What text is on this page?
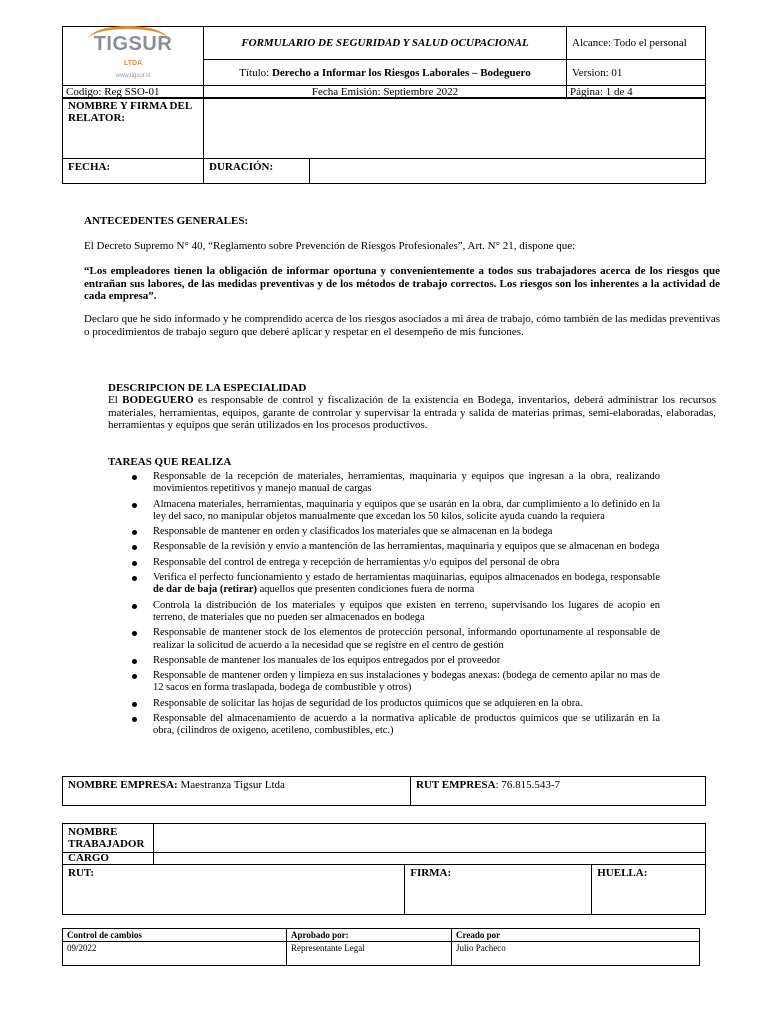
TIGSUR
LTDA
www.tigsur.cl	FORMULARIO DE SEGURIDAD Y SALUD OCUPACIONAL	Alcance: Todo el personal
	Título: Derecho a Informar los Riesgos Laborales – Bodeguero	Version: 01
Codigo: Reg SSO-01	Fecha Emisión: Septiembre 2022	Página: 1 de 4
NOMBRE Y FIRMA DEL RELATOR:		
FECHA:	DURACIÓN:	
ANTECEDENTES GENERALES:
El Decreto Supremo N° 40, “Reglamento sobre Prevención de Riesgos Profesionales”, Art. N° 21, dispone que:
“Los empleadores tienen la obligación de informar oportuna y convenientemente a todos sus trabajadores acerca de los riesgos que entrañan sus labores, de las medidas preventivas y de los métodos de trabajo correctos. Los riesgos son los inherentes a la actividad de cada empresa”.
Declaro que he sido informado y he comprendido acerca de los riesgos asociados a mi área de trabajo, cómo también de las medidas preventivas o procedimientos de trabajo seguro que deberé aplicar y respetar en el desempeño de mis funciones.
DESCRIPCION DE LA ESPECIALIDAD
El BODEGUERO es responsable de control y fiscalización de la existencia en Bodega, inventarios, deberá administrar los recursos materiales, herramientas, equipos, garante de controlar y supervisar la entrada y salida de materias primas, semi-elaboradas, elaboradas, herramientas y equipos que serán utilizados en los procesos productivos.
TAREAS QUE REALIZA
Responsable de la recepción de materiales, herramientas, maquinaria y equipos que ingresan a la obra, realizando movimientos repetitivos y manejo manual de cargas
Almacena materiales, herramientas, maquinaria y equipos que se usarán en la obra, dar cumplimiento a lo definido en la ley del saco, no manipular objetos manualmente que excedan los 50 kilos, solicite ayuda cuando la requiera
Responsable de mantener en orden y clasificados los materiales que se almacenan en la bodega
Responsable de la revisión y envío a mantención de las herramientas, maquinaria y equipos que se almacenan en bodega
Responsable del control de entrega y recepción de herramientas y/o equipos del personal de obra
Verifica el perfecto funcionamiento y estado de herramientas maquinarias, equipos almacenados en bodega, responsable de dar de baja (retirar) aquellos que presenten condiciones fuera de norma
Controla la distribución de los materiales y equipos que existen en terreno, supervisando los lugares de acopio en terreno, de materiales que no pueden ser almacenados en bodega
Responsable de mantener stock de los elementos de protección personal, informando oportunamente al responsable de realizar la solicitud de acuerdo a la necesidad que se registre en el centro de gestión
Responsable de mantener los manuales de los equipos entregados por el proveedor
Responsable de mantener orden y limpieza en sus instalaciones y bodegas anexas: (bodega de cemento apilar no mas de 12 sacos en forma traslapada, bodega de combustible y otros)
Responsable de solicitar las hojas de seguridad de los productos químicos que se adquieren en la obra.
Responsable del almacenamiento de acuerdo a la normativa aplicable de productos químicos que se utilizarán en la obra, (cilindros de oxigeno, acetileno, combustibles, etc.)
NOMBRE EMPRESA: Maestranza Tigsur Ltda	RUT EMPRESA: 76.815.543-7
NOMBRE TRABAJADOR			
CARGO			
RUT:		FIRMA:	HUELLA:
Control de cambios	Aprobado por:	Creado por
09/2022	Representante Legal	Julio Pacheco
